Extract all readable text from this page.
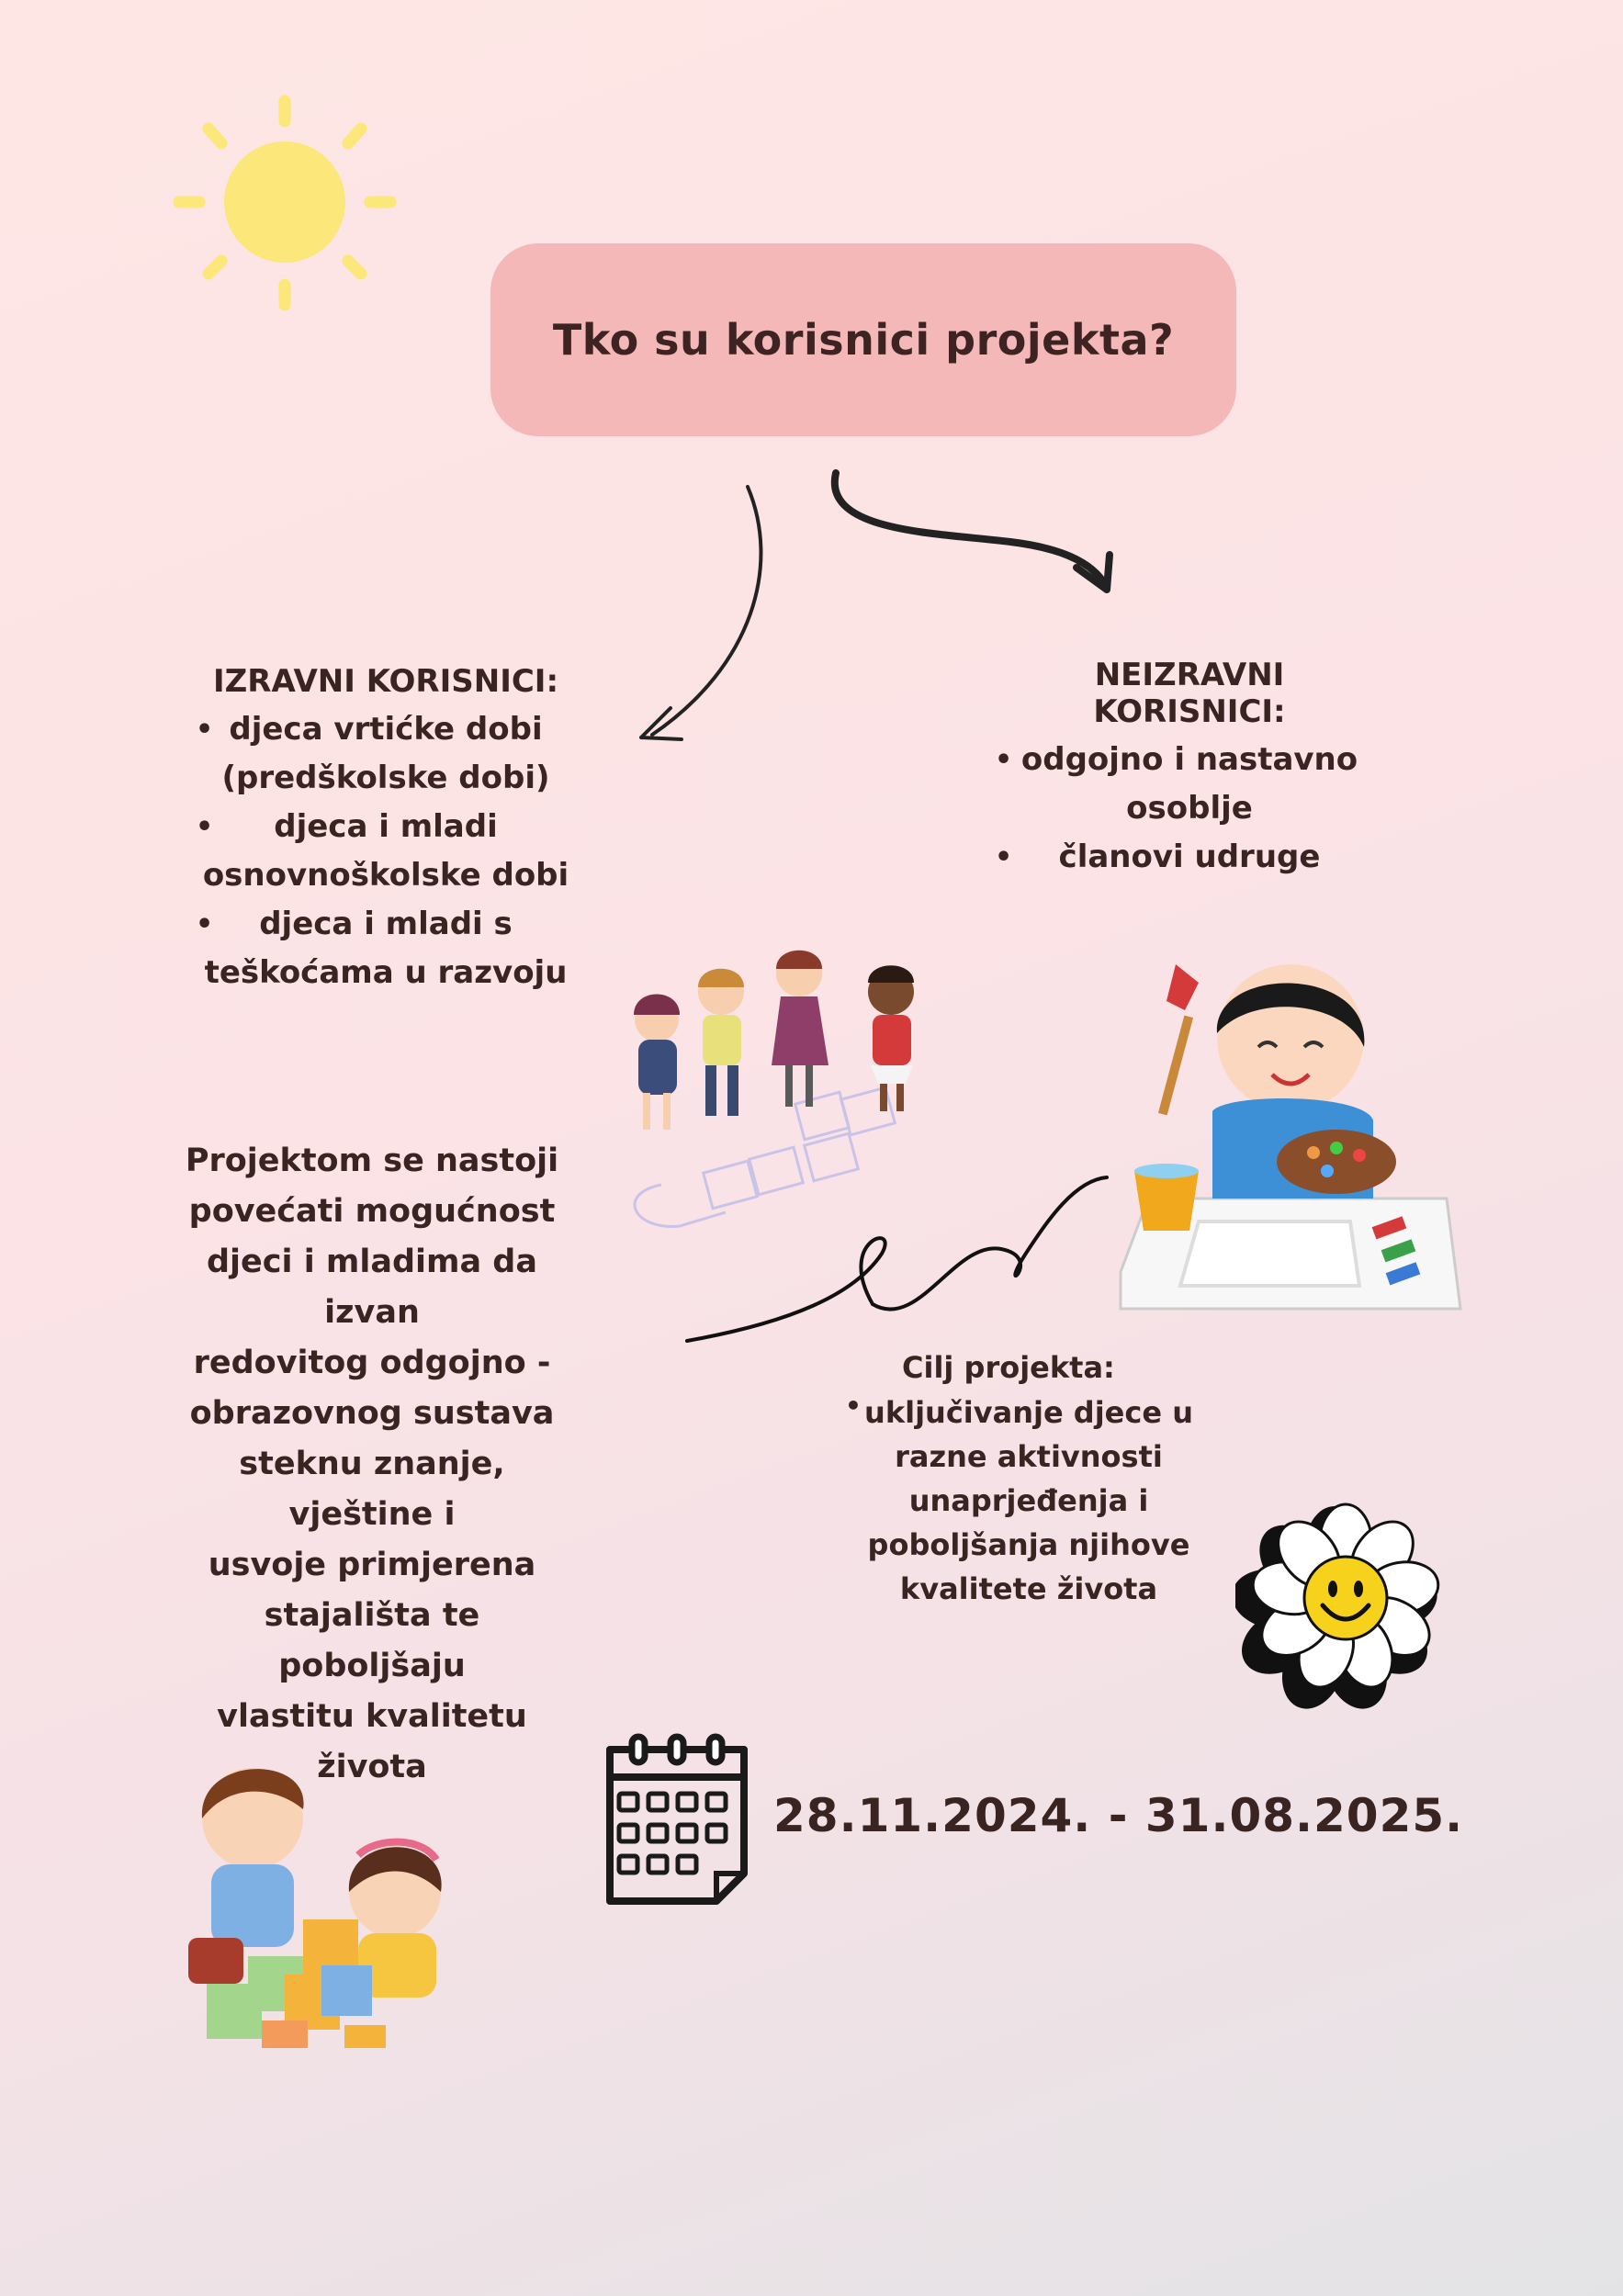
Tko su korisnici projekta?
IZRAVNI KORISNICI:
• djeca vrtićke dobi
(predškolske dobi)
• djeca i mladi
osnovnoškolske dobi
• djeca i mladi s
teškoćama u razvoju
NEIZRAVNI KORISNICI:
• odgojno i nastavno
osoblje
• članovi udruge
Projektom se nastoji
povećati mogućnost
djeci i mladima da izvan
redovitog odgojno -
obrazovnog sustava
steknu znanje, vještine i
usvoje primjerena
stajališta te poboljšaju
vlastitu kvalitetu života
Cilj projekta:
• uključivanje djece u
razne aktivnosti
unaprjeđenja i
poboljšanja njihove
kvalitete života
28.11.2024. - 31.08.2025.
